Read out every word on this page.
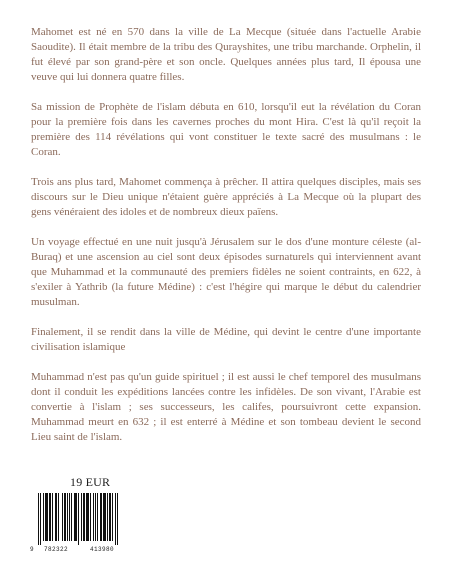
Mahomet est né en 570 dans la ville de La Mecque (située dans l'actuelle Arabie Saoudite). Il était membre de la tribu des Qurayshites, une tribu marchande. Orphelin, il fut élevé par son grand-père et son oncle. Quelques années plus tard, Il épousa une veuve qui lui donnera quatre filles.

Sa mission de Prophète de l'islam débuta en 610, lorsqu'il eut la révélation du Coran pour la première fois dans les cavernes proches du mont Hira. C'est là qu'il reçoit la première des 114 révélations qui vont constituer le texte sacré des musulmans : le Coran.

Trois ans plus tard, Mahomet commença à prêcher. Il attira quelques disciples, mais ses discours sur le Dieu unique n'étaient guère appréciés à La Mecque où la plupart des gens vénéraient des idoles et de nombreux dieux païens.

Un voyage effectué en une nuit jusqu'à Jérusalem sur le dos d'une monture céleste (al-Buraq) et une ascension au ciel sont deux épisodes surnaturels qui interviennent avant que Muhammad et la communauté des premiers fidèles ne soient contraints, en 622, à s'exiler à Yathrib (la future Médine) : c'est l'hégire qui marque le début du calendrier musulman.

Finalement, il se rendit dans la ville de Médine, qui devint le centre d'une importante civilisation islamique

Muhammad n'est pas qu'un guide spirituel ; il est aussi le chef temporel des musulmans dont il conduit les expéditions lancées contre les infidèles. De son vivant, l'Arabie est convertie à l'islam ; ses successeurs, les califes, poursuivront cette expansion. Muhammad meurt en 632 ; il est enterré à Médine et son tombeau devient le second Lieu saint de l'islam.

19 EUR
9 782322	413980
